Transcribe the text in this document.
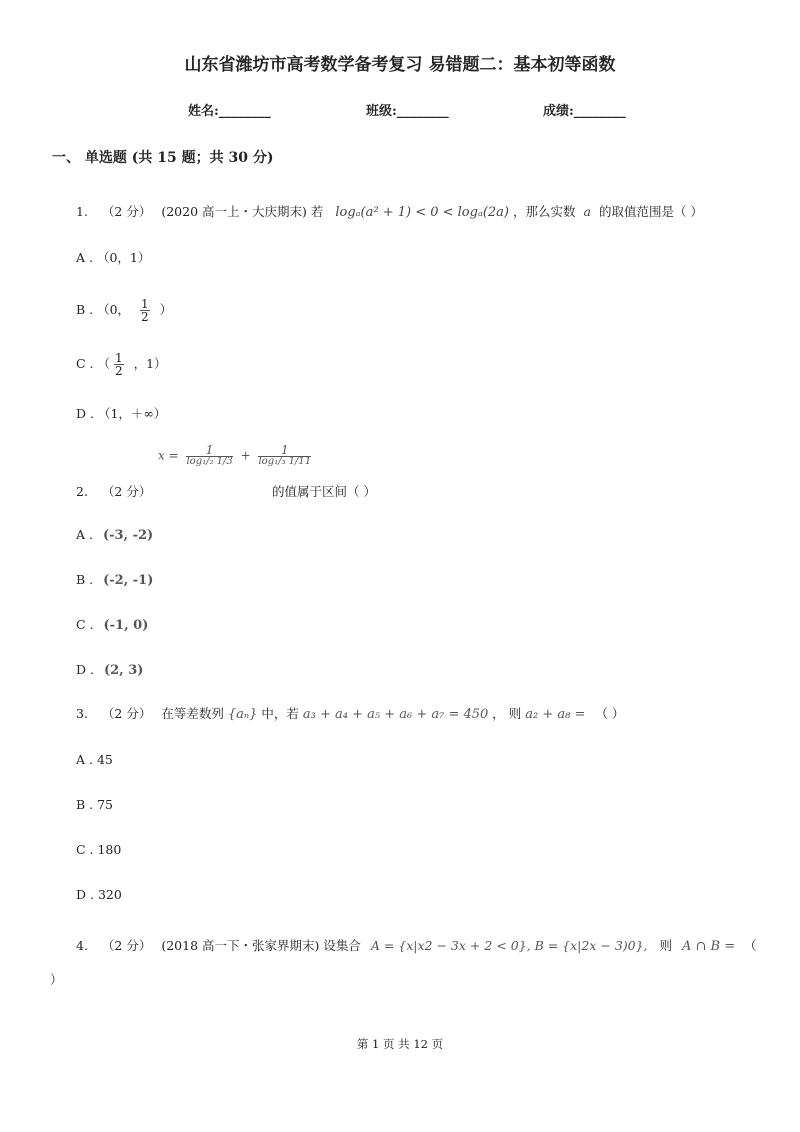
山东省潍坊市高考数学备考复习 易错题二：基本初等函数
姓名:________	班级:________	成绩:________
一、 单选题 (共 15 题；共 30 分)
1. （2 分） (2020 高一上・大庆期末) 若 logₐ(a² + 1) < 0 < logₐ(2a) ，那么实数 a 的取值范围是（ ）
A . （0，1）
B . （0， $\frac{1}{2}$ ）
C . （ $\frac{1}{2}$ ，1）
D . （1，＋∞）
2. （2 分）
$x = \frac{1}{\text{log₁/₂ 1/3}} + \frac{1}{\text{log₁/₃ 1/11}}$
的值属于区间（ ）
A . (-3, -2)
B . (-2, -1)
C . (-1, 0)
D . (2, 3)
3. （2 分） 在等差数列 {aₙ} 中，若 a₃ + a₄ + a₅ + a₆ + a₇ = 450 ， 则 a₂ + a₈ = （ ）
A . 45
B . 75
C . 180
D . 320
4. （2 分） (2018 高一下・张家界期末) 设集合 A = {x|x2 − 3x + 2 < 0}, B = {x|2x − 3)0}, 则 A ∩ B = （
）
第 1 页 共 12 页
